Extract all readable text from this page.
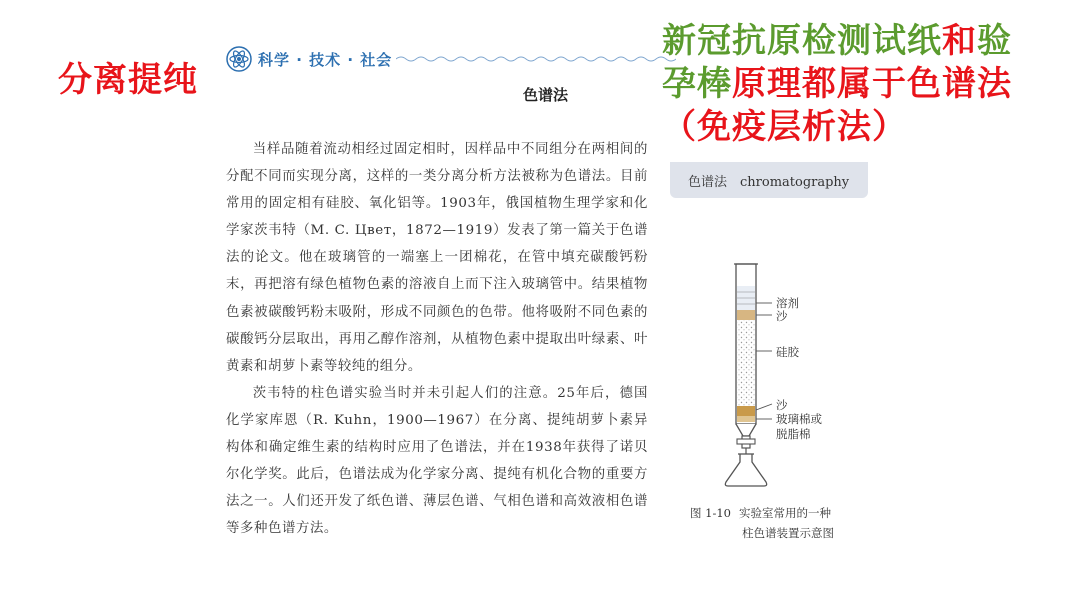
分离提纯
科学 · 技术 · 社会
色谱法

当样品随着流动相经过固定相时，因样品中不同组分在两相间的分配不同而实现分离，这样的一类分离分析方法被称为色谱法。目前常用的固定相有硅胶、氧化铝等。1903年，俄国植物生理学家和化学家茨韦特（M. C. Цвет，1872—1919）发表了第一篇关于色谱法的论文。他在玻璃管的一端塞上一团棉花，在管中填充碳酸钙粉末，再把溶有绿色植物色素的溶液自上而下注入玻璃管中。结果植物色素被碳酸钙粉末吸附，形成不同颜色的色带。他将吸附不同色素的碳酸钙分层取出，再用乙醇作溶剂，从植物色素中提取出叶绿素、叶黄素和胡萝卜素等较纯的组分。

茨韦特的柱色谱实验当时并未引起人们的注意。25年后，德国化学家库恩（R. Kuhn，1900—1967）在分离、提纯胡萝卜素异构体和确定维生素的结构时应用了色谱法，并在1938年获得了诺贝尔化学奖。此后，色谱法成为化学家分离、提纯有机化合物的重要方法之一。人们还开发了纸色谱、薄层色谱、气相色谱和高效液相色谱等多种色谱方法。

新冠抗原检测试纸和验孕棒原理都属于色谱法（免疫层析法）
色谱法　chromatography
溶剂
沙
硅胶
沙
玻璃棉或
脱脂棉
图 1-10 实验室常用的一种
柱色谱装置示意图
